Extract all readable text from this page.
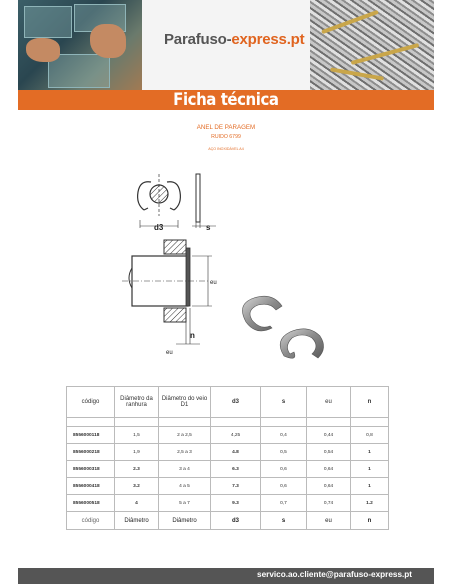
Parafuso-express.pt
Ficha técnica
ANEL DE PARAGEM
RUIDO 6799
AÇO INOXIDÁVEL A4
s
d3
eu
n
eu
código	Diâmetro da ranhura	Diâmetro do veio D1	d3	s	eu	n

8556000118	1,5	2 a 2,5	4,25	0,4	0,44	0,8
8556000218	1,9	2,5 a 3	4.8	0,5	0,54	1
8556000318	2.3	3 a 4	6.3	0,6	0,64	1
8556000418	3.2	4 a 5	7.3	0,6	0,64	1
8556000518	4	5 a 7	9.3	0,7	0,74	1.2
código	Diâmetro	Diâmetro	d3	s	eu	n
servico.ao.cliente@parafuso-express.pt
